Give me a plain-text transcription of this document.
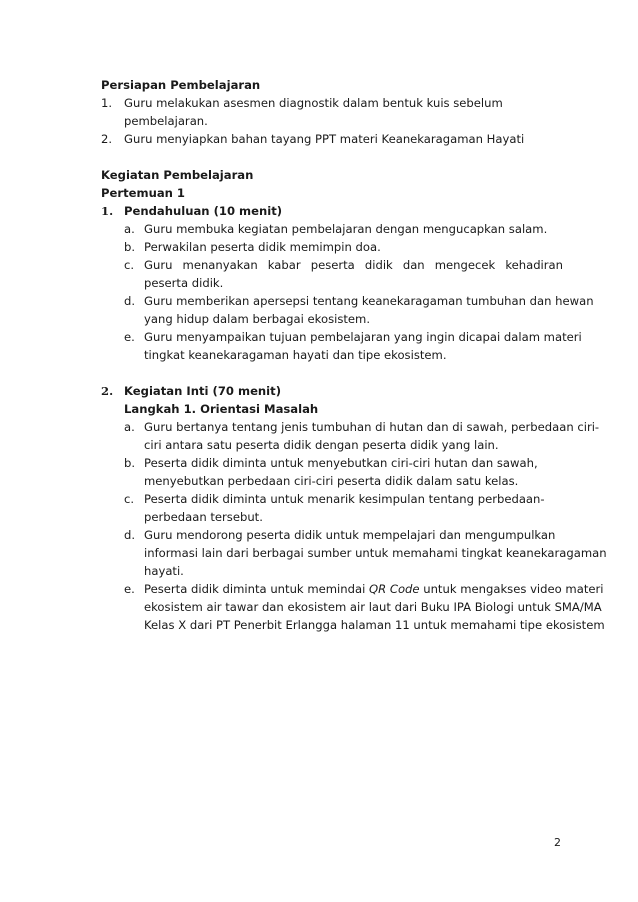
Persiapan Pembelajaran
1.	Guru melakukan asesmen diagnostik dalam bentuk kuis sebelum pembelajaran.
2.	Guru menyiapkan bahan tayang PPT materi Keanekaragaman Hayati
Kegiatan Pembelajaran
Pertemuan 1
1. Pendahuluan (10 menit)
a. Guru membuka kegiatan pembelajaran dengan mengucapkan salam.
b. Perwakilan peserta didik memimpin doa.
c. Guru menanyakan kabar peserta didik dan mengecek kehadiran peserta didik.
d. Guru memberikan apersepsi tentang keanekaragaman tumbuhan dan hewan
yang hidup dalam berbagai ekosistem.
e. Guru menyampaikan tujuan pembelajaran yang ingin dicapai dalam materi
tingkat keanekaragaman hayati dan tipe ekosistem.
2. Kegiatan Inti (70 menit)
Langkah 1. Orientasi Masalah
a. Guru bertanya tentang jenis tumbuhan di hutan dan di sawah, perbedaan ciri-
ciri antara satu peserta didik dengan peserta didik yang lain.
b. Peserta didik diminta untuk menyebutkan ciri-ciri hutan dan sawah,
menyebutkan perbedaan ciri-ciri peserta didik dalam satu kelas.
c. Peserta didik diminta untuk menarik kesimpulan tentang perbedaan-
perbedaan tersebut.
d. Guru mendorong peserta didik untuk mempelajari dan mengumpulkan
informasi lain dari berbagai sumber untuk memahami tingkat keanekaragaman
hayati.
e. Peserta didik diminta untuk memindai QR Code untuk mengakses video materi
ekosistem air tawar dan ekosistem air laut dari Buku IPA Biologi untuk SMA/MA
Kelas X dari PT Penerbit Erlangga halaman 11 untuk memahami tipe ekosistem
2
